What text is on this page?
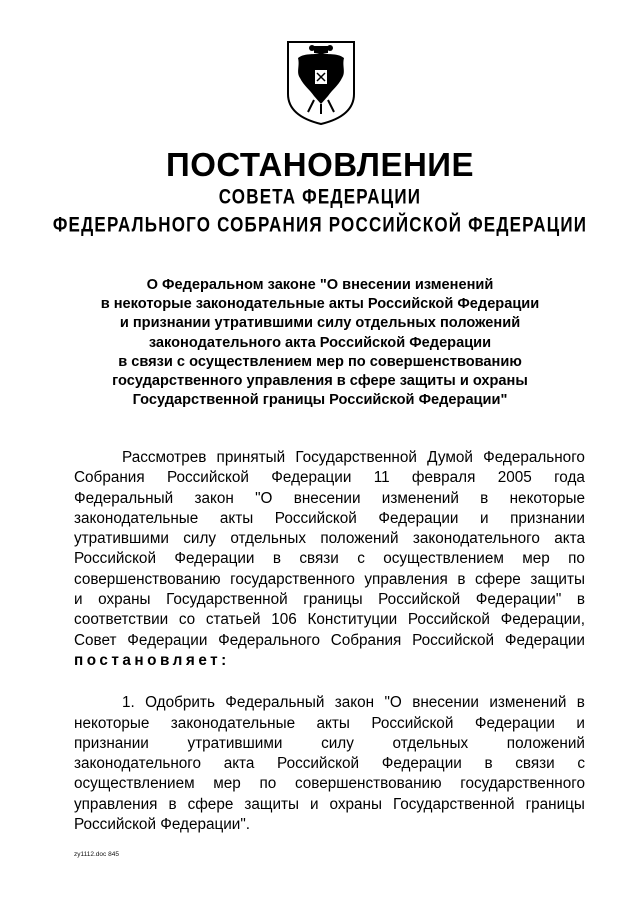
ПОСТАНОВЛЕНИЕ
СОВЕТА ФЕДЕРАЦИИ
ФЕДЕРАЛЬНОГО СОБРАНИЯ РОССИЙСКОЙ ФЕДЕРАЦИИ
О Федеральном законе "О внесении изменений
в некоторые законодательные акты Российской Федерации
и признании утратившими силу отдельных положений
законодательного акта Российской Федерации
в связи с осуществлением мер по совершенствованию
государственного управления в сфере защиты и охраны
Государственной границы Российской Федерации"
Рассмотрев принятый Государственной Думой Федерального
Собрания Российской Федерации 11 февраля 2005 года
Федеральный закон "О внесении изменений в некоторые
законодательные акты Российской Федерации и признании
утратившими силу отдельных положений законодательного акта
Российской Федерации в связи с осуществлением мер по
совершенствованию государственного управления в сфере защиты
и охраны Государственной границы Российской Федерации" в
соответствии со статьей 106 Конституции Российской Федерации,
Совет Федерации Федерального Собрания Российской Федерации
постановляет:
1. Одобрить Федеральный закон "О внесении изменений в
некоторые законодательные акты Российской Федерации и
признании	утратившими	силу	отдельных	положений
законодательного акта Российской Федерации в связи с
осуществлением мер по совершенствованию государственного
управления в сфере защиты и охраны Государственной границы
Российской Федерации".
zy1112.doc 845
